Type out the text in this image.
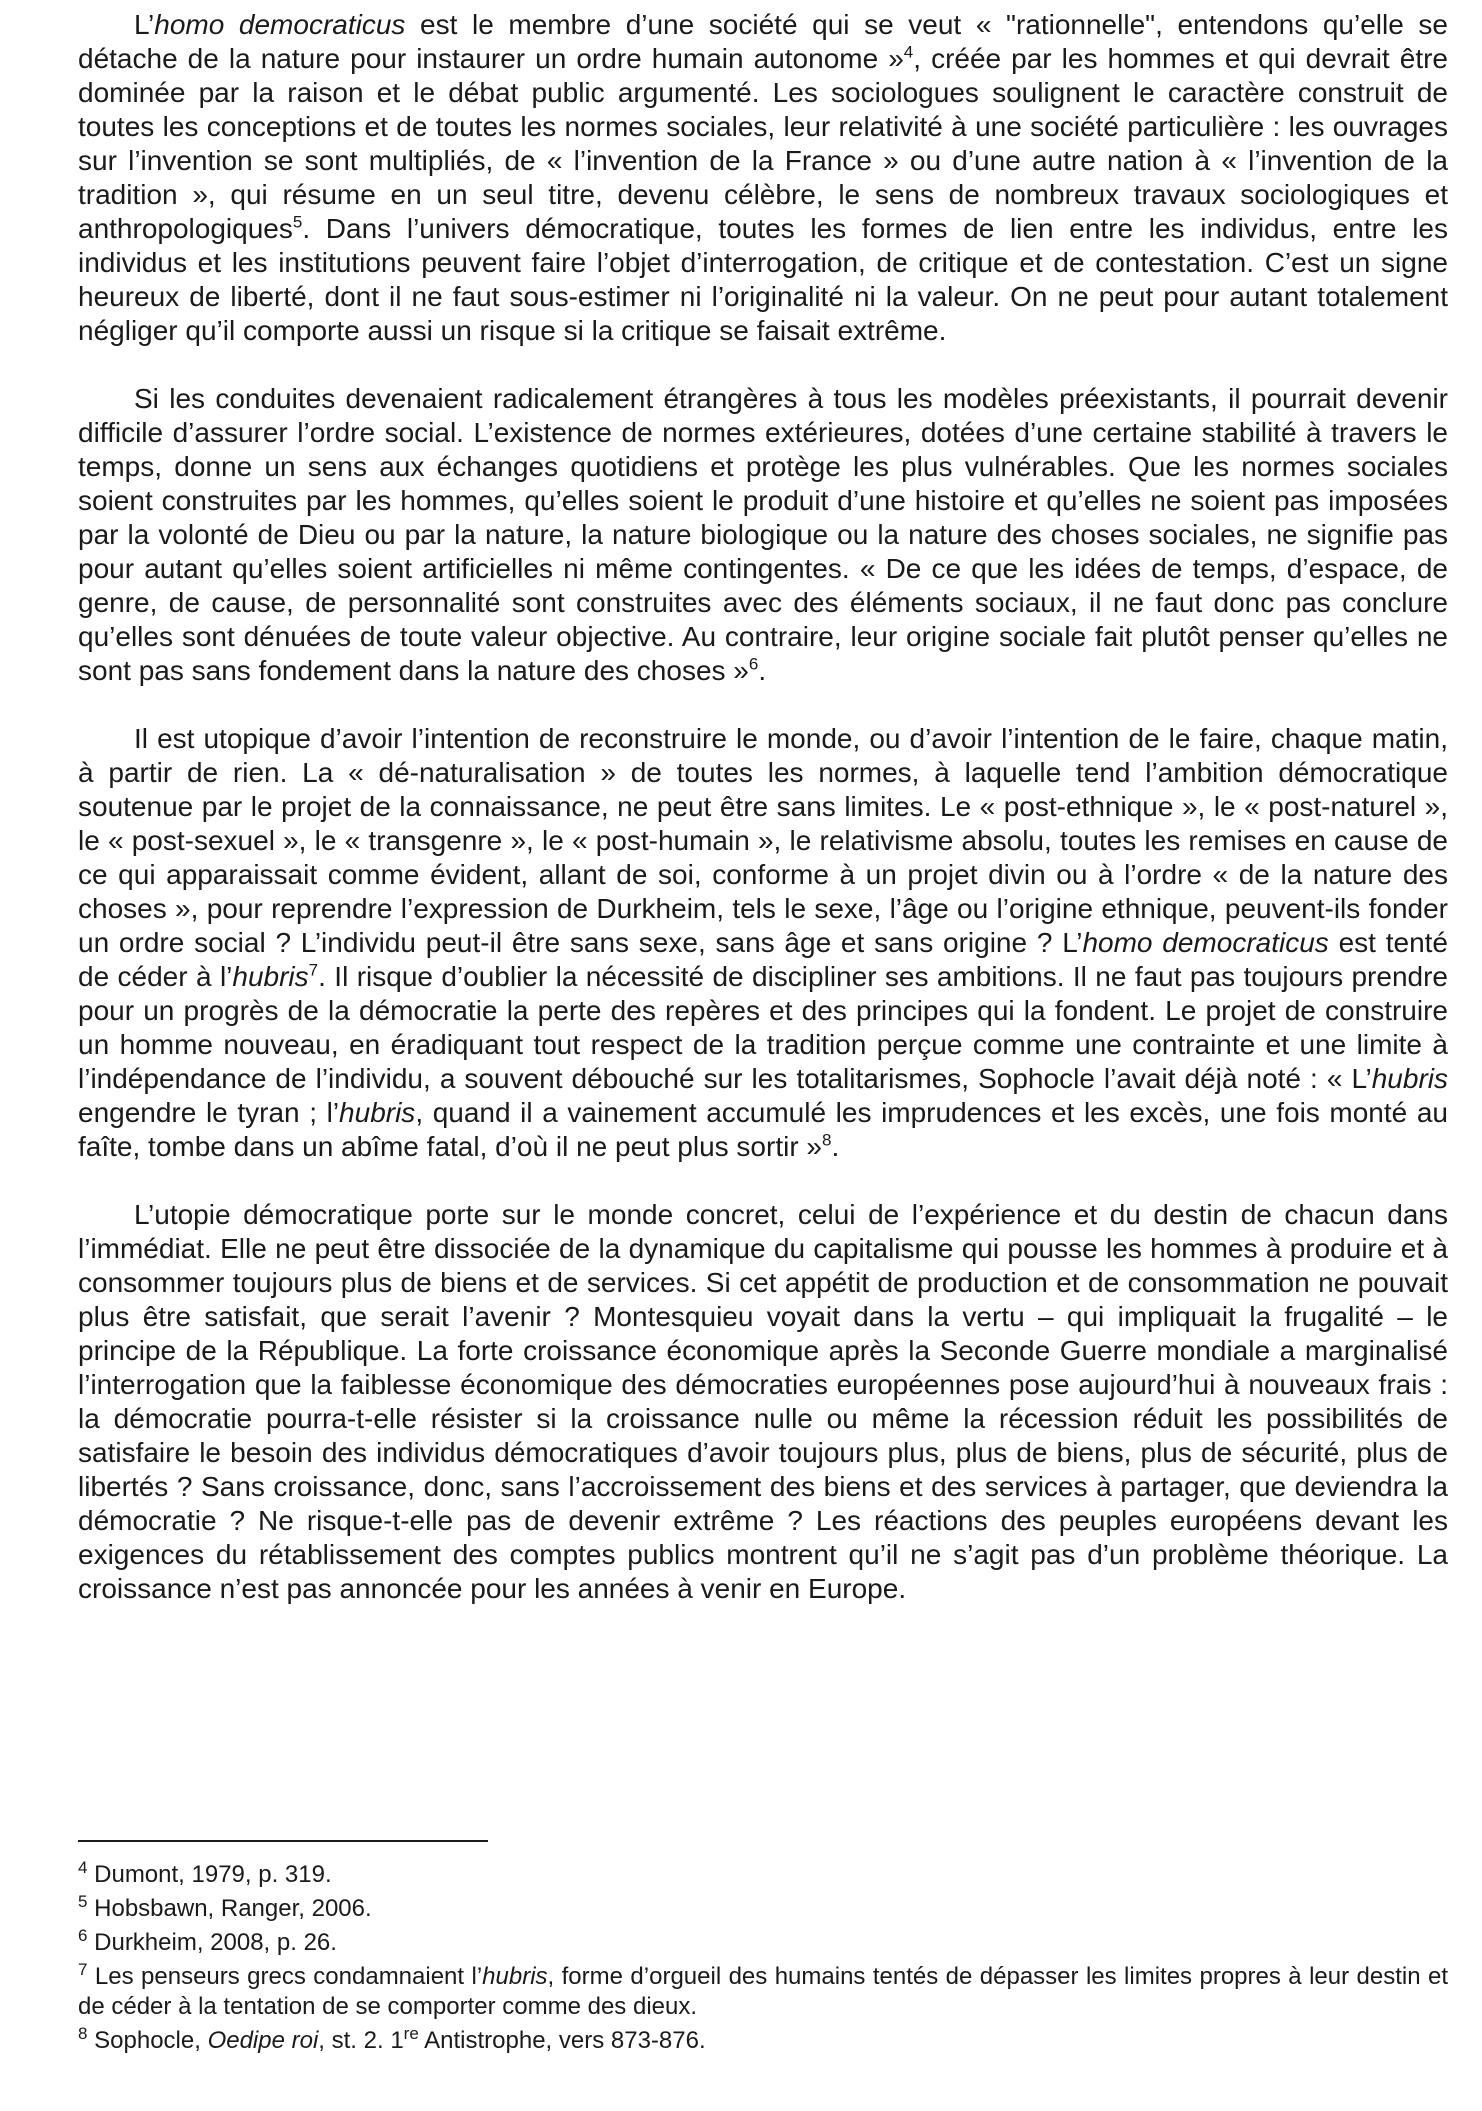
L’homo democraticus est le membre d’une société qui se veut « "rationnelle", entendons qu’elle se détache de la nature pour instaurer un ordre humain autonome »$^4$, créée par les hommes et qui devrait être dominée par la raison et le débat public argumenté. Les sociologues soulignent le caractère construit de toutes les conceptions et de toutes les normes sociales, leur relativité à une société particulière : les ouvrages sur l’invention se sont multipliés, de « l’invention de la France » ou d’une autre nation à « l’invention de la tradition », qui résume en un seul titre, devenu célèbre, le sens de nombreux travaux sociologiques et anthropologiques$^5$. Dans l’univers démocratique, toutes les formes de lien entre les individus, entre les individus et les institutions peuvent faire l’objet d’interrogation, de critique et de contestation. C’est un signe heureux de liberté, dont il ne faut sous-estimer ni l’originalité ni la valeur. On ne peut pour autant totalement négliger qu’il comporte aussi un risque si la critique se faisait extrême.

Si les conduites devenaient radicalement étrangères à tous les modèles préexistants, il pourrait devenir difficile d’assurer l’ordre social. L’existence de normes extérieures, dotées d’une certaine stabilité à travers le temps, donne un sens aux échanges quotidiens et protège les plus vulnérables. Que les normes sociales soient construites par les hommes, qu’elles soient le produit d’une histoire et qu’elles ne soient pas imposées par la volonté de Dieu ou par la nature, la nature biologique ou la nature des choses sociales, ne signifie pas pour autant qu’elles soient artificielles ni même contingentes. « De ce que les idées de temps, d’espace, de genre, de cause, de personnalité sont construites avec des éléments sociaux, il ne faut donc pas conclure qu’elles sont dénuées de toute valeur objective. Au contraire, leur origine sociale fait plutôt penser qu’elles ne sont pas sans fondement dans la nature des choses »$^6$.

Il est utopique d’avoir l’intention de reconstruire le monde, ou d’avoir l’intention de le faire, chaque matin, à partir de rien. La « dé-naturalisation » de toutes les normes, à laquelle tend l’ambition démocratique soutenue par le projet de la connaissance, ne peut être sans limites. Le « post-ethnique », le « post-naturel », le « post-sexuel », le « transgenre », le « post-humain », le relativisme absolu, toutes les remises en cause de ce qui apparaissait comme évident, allant de soi, conforme à un projet divin ou à l’ordre « de la nature des choses », pour reprendre l’expression de Durkheim, tels le sexe, l’âge ou l’origine ethnique, peuvent-ils fonder un ordre social ? L’individu peut-il être sans sexe, sans âge et sans origine ? L’homo democraticus est tenté de céder à l’hubris$^7$. Il risque d’oublier la nécessité de discipliner ses ambitions. Il ne faut pas toujours prendre pour un progrès de la démocratie la perte des repères et des principes qui la fondent. Le projet de construire un homme nouveau, en éradiquant tout respect de la tradition perçue comme une contrainte et une limite à l’indépendance de l’individu, a souvent débouché sur les totalitarismes, Sophocle l’avait déjà noté : « L’hubris engendre le tyran ; l’hubris, quand il a vainement accumulé les imprudences et les excès, une fois monté au faîte, tombe dans un abîme fatal, d’où il ne peut plus sortir »$^8$.

L’utopie démocratique porte sur le monde concret, celui de l’expérience et du destin de chacun dans l’immédiat. Elle ne peut être dissociée de la dynamique du capitalisme qui pousse les hommes à produire et à consommer toujours plus de biens et de services. Si cet appétit de production et de consommation ne pouvait plus être satisfait, que serait l’avenir ? Montesquieu voyait dans la vertu – qui impliquait la frugalité – le principe de la République. La forte croissance économique après la Seconde Guerre mondiale a marginalisé l’interrogation que la faiblesse économique des démocraties européennes pose aujourd’hui à nouveaux frais : la démocratie pourra-t-elle résister si la croissance nulle ou même la récession réduit les possibilités de satisfaire le besoin des individus démocratiques d’avoir toujours plus, plus de biens, plus de sécurité, plus de libertés ? Sans croissance, donc, sans l’accroissement des biens et des services à partager, que deviendra la démocratie ? Ne risque-t-elle pas de devenir extrême ? Les réactions des peuples européens devant les exigences du rétablissement des comptes publics montrent qu’il ne s’agit pas d’un problème théorique. La croissance n’est pas annoncée pour les années à venir en Europe.

$^4$ Dumont, 1979, p. 319.

$^5$ Hobsbawn, Ranger, 2006.

$^6$ Durkheim, 2008, p. 26.

$^7$ Les penseurs grecs condamnaient l’hubris, forme d’orgueil des humains tentés de dépasser les limites propres à leur destin et de céder à la tentation de se comporter comme des dieux.

$^8$ Sophocle, Oedipe roi, st. 2. 1re Antistrophe, vers 873-876.
